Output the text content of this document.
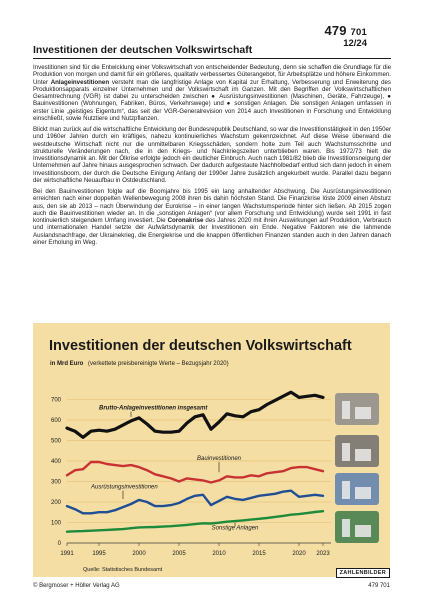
479 701
12/24
Investitionen der deutschen Volkswirtschaft

Investitionen sind für die Entwicklung einer Volkswirtschaft von entscheidender Bedeutung, denn sie schaffen die Grundlage für die Produktion von morgen und damit für ein größeres, qualitativ verbessertes Güterangebot, für Arbeitsplätze und höhere Einkommen. Unter Anlageinvestitionen versteht man die langfristige Anlage von Kapital zur Erhaltung, Verbesserung und Erweiterung des Produktionsapparats einzelner Unternehmen und der Volkswirtschaft im Ganzen. Mit den Begriffen der Volkswirtschaftlichen Gesamtrechnung (VGR) ist dabei zu unterscheiden zwischen ● Ausrüstungsinvestitionen (Maschinen, Geräte, Fahrzeuge), ● Bauinvestitionen (Wohnungen, Fabriken, Büros, Verkehrswege) und ● sonstigen Anlagen. Die sonstigen Anlagen umfassen in erster Linie „geistiges Eigentum“, das seit der VGR-Generalrevision von 2014 auch Investitionen in Forschung und Entwicklung einschließt, sowie Nutztiere und Nutzpflanzen.

Blickt man zurück auf die wirtschaftliche Entwicklung der Bundesrepublik Deutschland, so war die Investitionstätigkeit in den 1950er und 1960er Jahren durch ein kräftiges, nahezu kontinuierliches Wachstum gekennzeichnet. Auf diese Weise überwand die westdeutsche Wirtschaft nicht nur die unmittelbaren Kriegsschäden, sondern holte zum Teil auch Wachstumsschritte und strukturelle Veränderungen nach, die in den Kriegs- und Nachkriegszeiten unterblieben waren. Bis 1972/73 hielt die Investitionsdynamik an. Mit der Ölkrise erfolgte jedoch ein deutlicher Einbruch. Auch nach 1981/82 blieb die Investitionsneigung der Unternehmen auf Jahre hinaus ausgesprochen schwach. Der dadurch aufgestaute Nachholbedarf entlud sich dann jedoch in einem Investitionsboom, der durch die Deutsche Einigung Anfang der 1990er Jahre zusätzlich angekurbelt wurde. Parallel dazu begann der wirtschaftliche Neuaufbau in Ostdeutschland.

Bei den Bauinvestitionen folgte auf die Boomjahre bis 1995 ein lang anhaltender Abschwung. Die Ausrüstungsinvestitionen erreichten nach einer doppelten Wellenbewegung 2008 ihren bis dahin höchsten Stand. Die Finanzkrise löste 2009 einen Absturz aus, den sie ab 2013 – nach Überwindung der Eurokrise – in einer langen Wachstumsperiode hinter sich ließen. Ab 2015 zogen auch die Bauinvestitionen wieder an. In die „sonstigen Anlagen“ (vor allem Forschung und Entwicklung) wurde seit 1991 in fast kontinuierlich steigendem Umfang investiert. Die Coronakrise des Jahres 2020 mit ihren Auswirkungen auf Produktion, Verbrauch und internationalen Handel setzte der Aufwärtsdynamik der Investitionen ein Ende. Negative Faktoren wie die lahmende Auslandsnachfrage, der Ukrainekrieg, die Energiekrise und die knappen öffentlichen Finanzen standen auch in den Jahren danach einer Erholung im Weg.

Investitionen der deutschen Volkswirtschaft
in Mrd Euro (verkettete preisbereinigte Werte – Bezugsjahr 2020)
0
100
200
300
400
500
600
700
1991	1995	2000	2005	2010	2015	2020 2023
Brutto-Anlageinvestitionen insgesamt
Bauinvestitionen
Ausrüstungsinvestitionen
Sonstige Anlagen
Quelle: Statistisches Bundesamt	ZAHLENBILDER
© Bergmoser + Höller Verlag AG	479 701
